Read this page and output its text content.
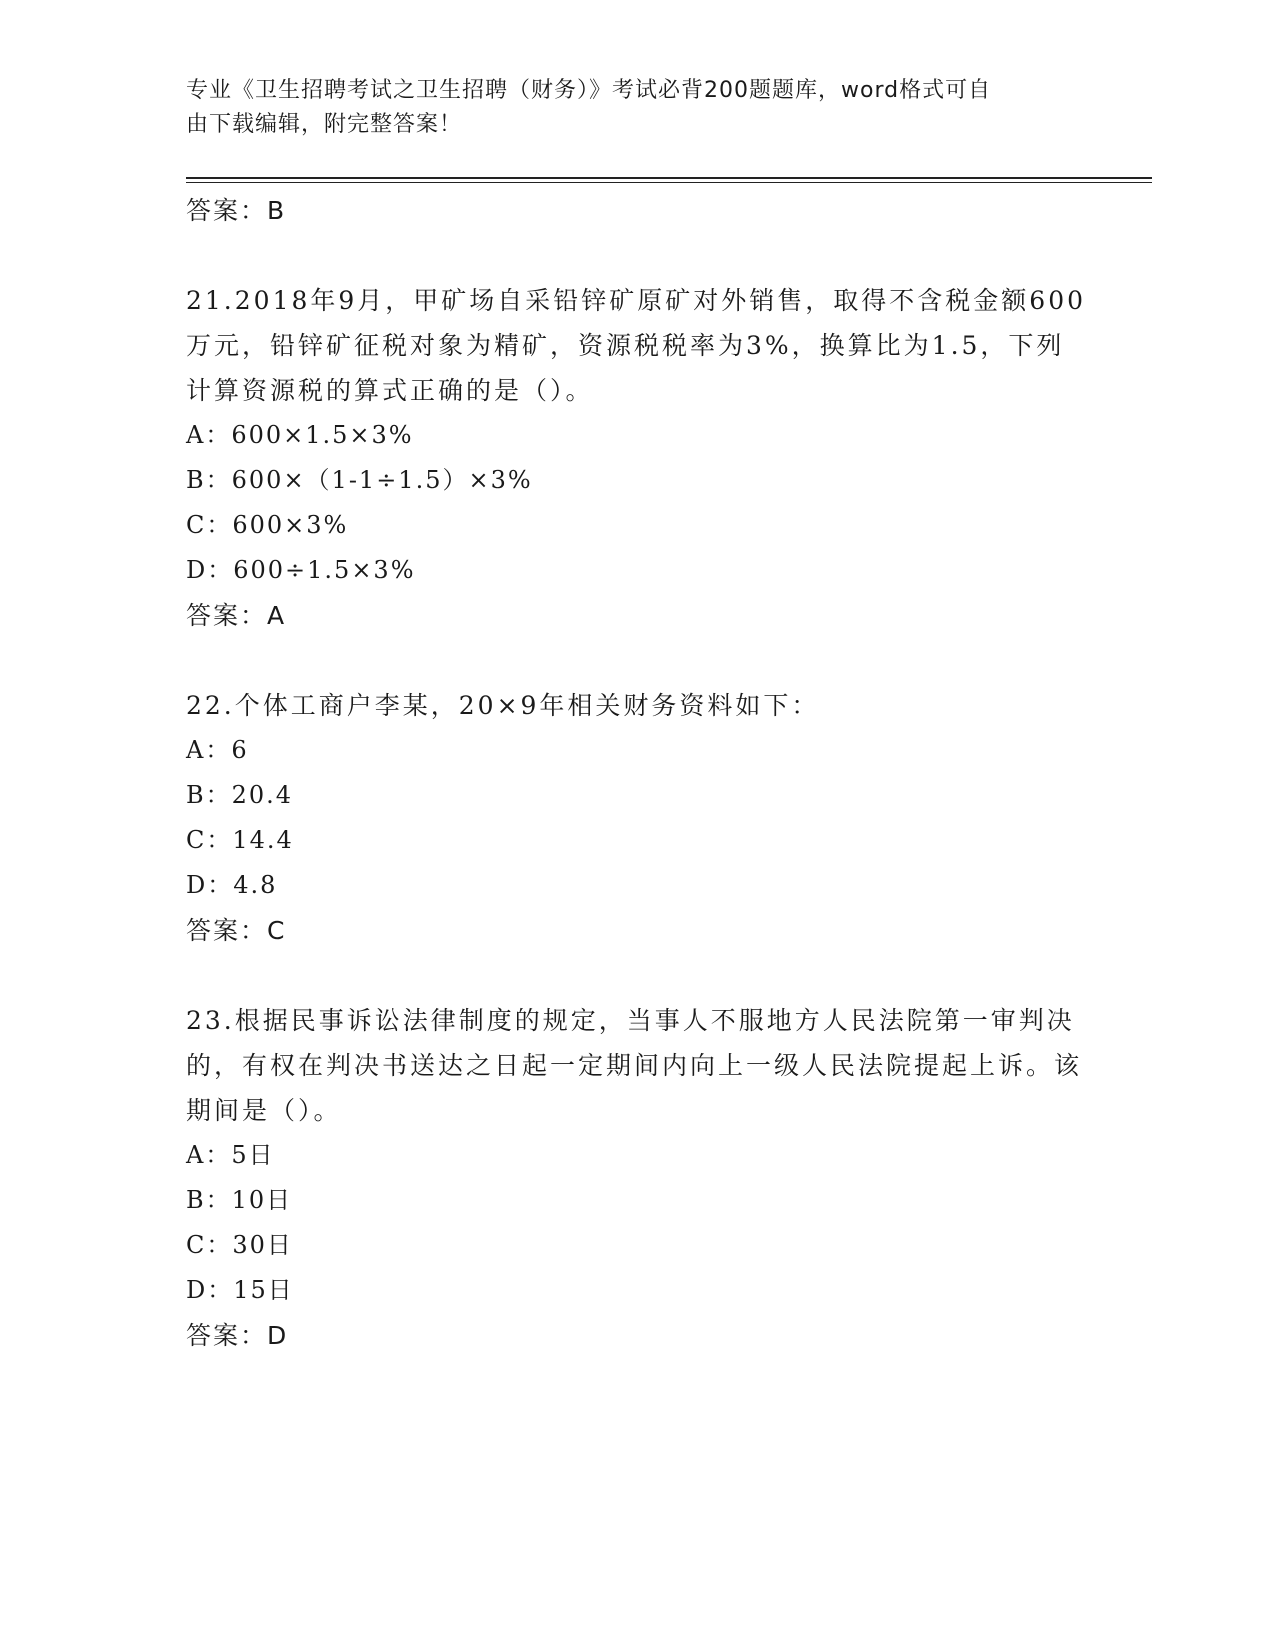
专业《卫生招聘考试之卫生招聘（财务）》考试必背200题题库，word格式可自
由下载编辑，附完整答案！
答案：B

21.2018年9月，甲矿场自采铅锌矿原矿对外销售，取得不含税金额600万元，铅锌矿征税对象为精矿，资源税税率为3%，换算比为1.5，下列计算资源税的算式正确的是（）。

A：600×1.5×3%
B：600×（1-1÷1.5）×3%
C：600×3%
D：600÷1.5×3%
答案：A

22.个体工商户李某，20×9年相关财务资料如下：

A：6
B：20.4
C：14.4
D：4.8
答案：C

23.根据民事诉讼法律制度的规定，当事人不服地方人民法院第一审判决的，有权在判决书送达之日起一定期间内向上一级人民法院提起上诉。该期间是（）。

A：5日
B：10日
C：30日
D：15日
答案：D
